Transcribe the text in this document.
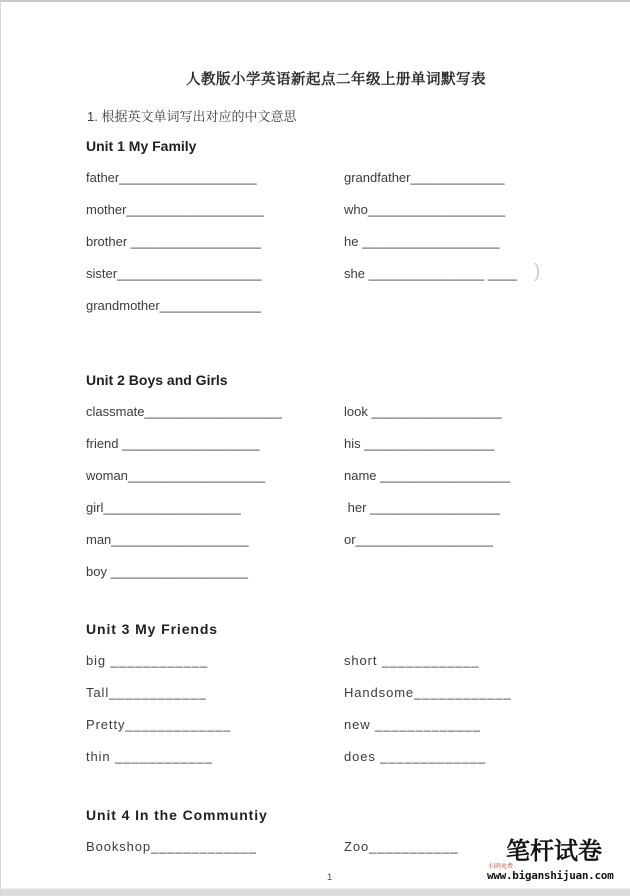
人教版小学英语新起点二年级上册单词默写表
1. 根据英文单词写出对应的中文意思
Unit 1 My Family
father___________________	grandfather_____________
mother___________________	who___________________
brother __________________	he ___________________
sister____________________	she ________________ ____
grandmother______________
Unit 2 Boys and Girls
classmate___________________	look __________________
friend ___________________	his __________________
woman___________________	name __________________
girl___________________	her __________________
man___________________	or___________________
boy ___________________
Unit 3 My Friends
big ____________	short ____________
Tall____________	Handsome____________
Pretty_____________	new _____________
thin ____________	does _____________
Unit 4 In the Communtiy
Bookshop_____________	Zoo___________
)
1
扫码免费
笔杆试卷
www.biganshijuan.com
